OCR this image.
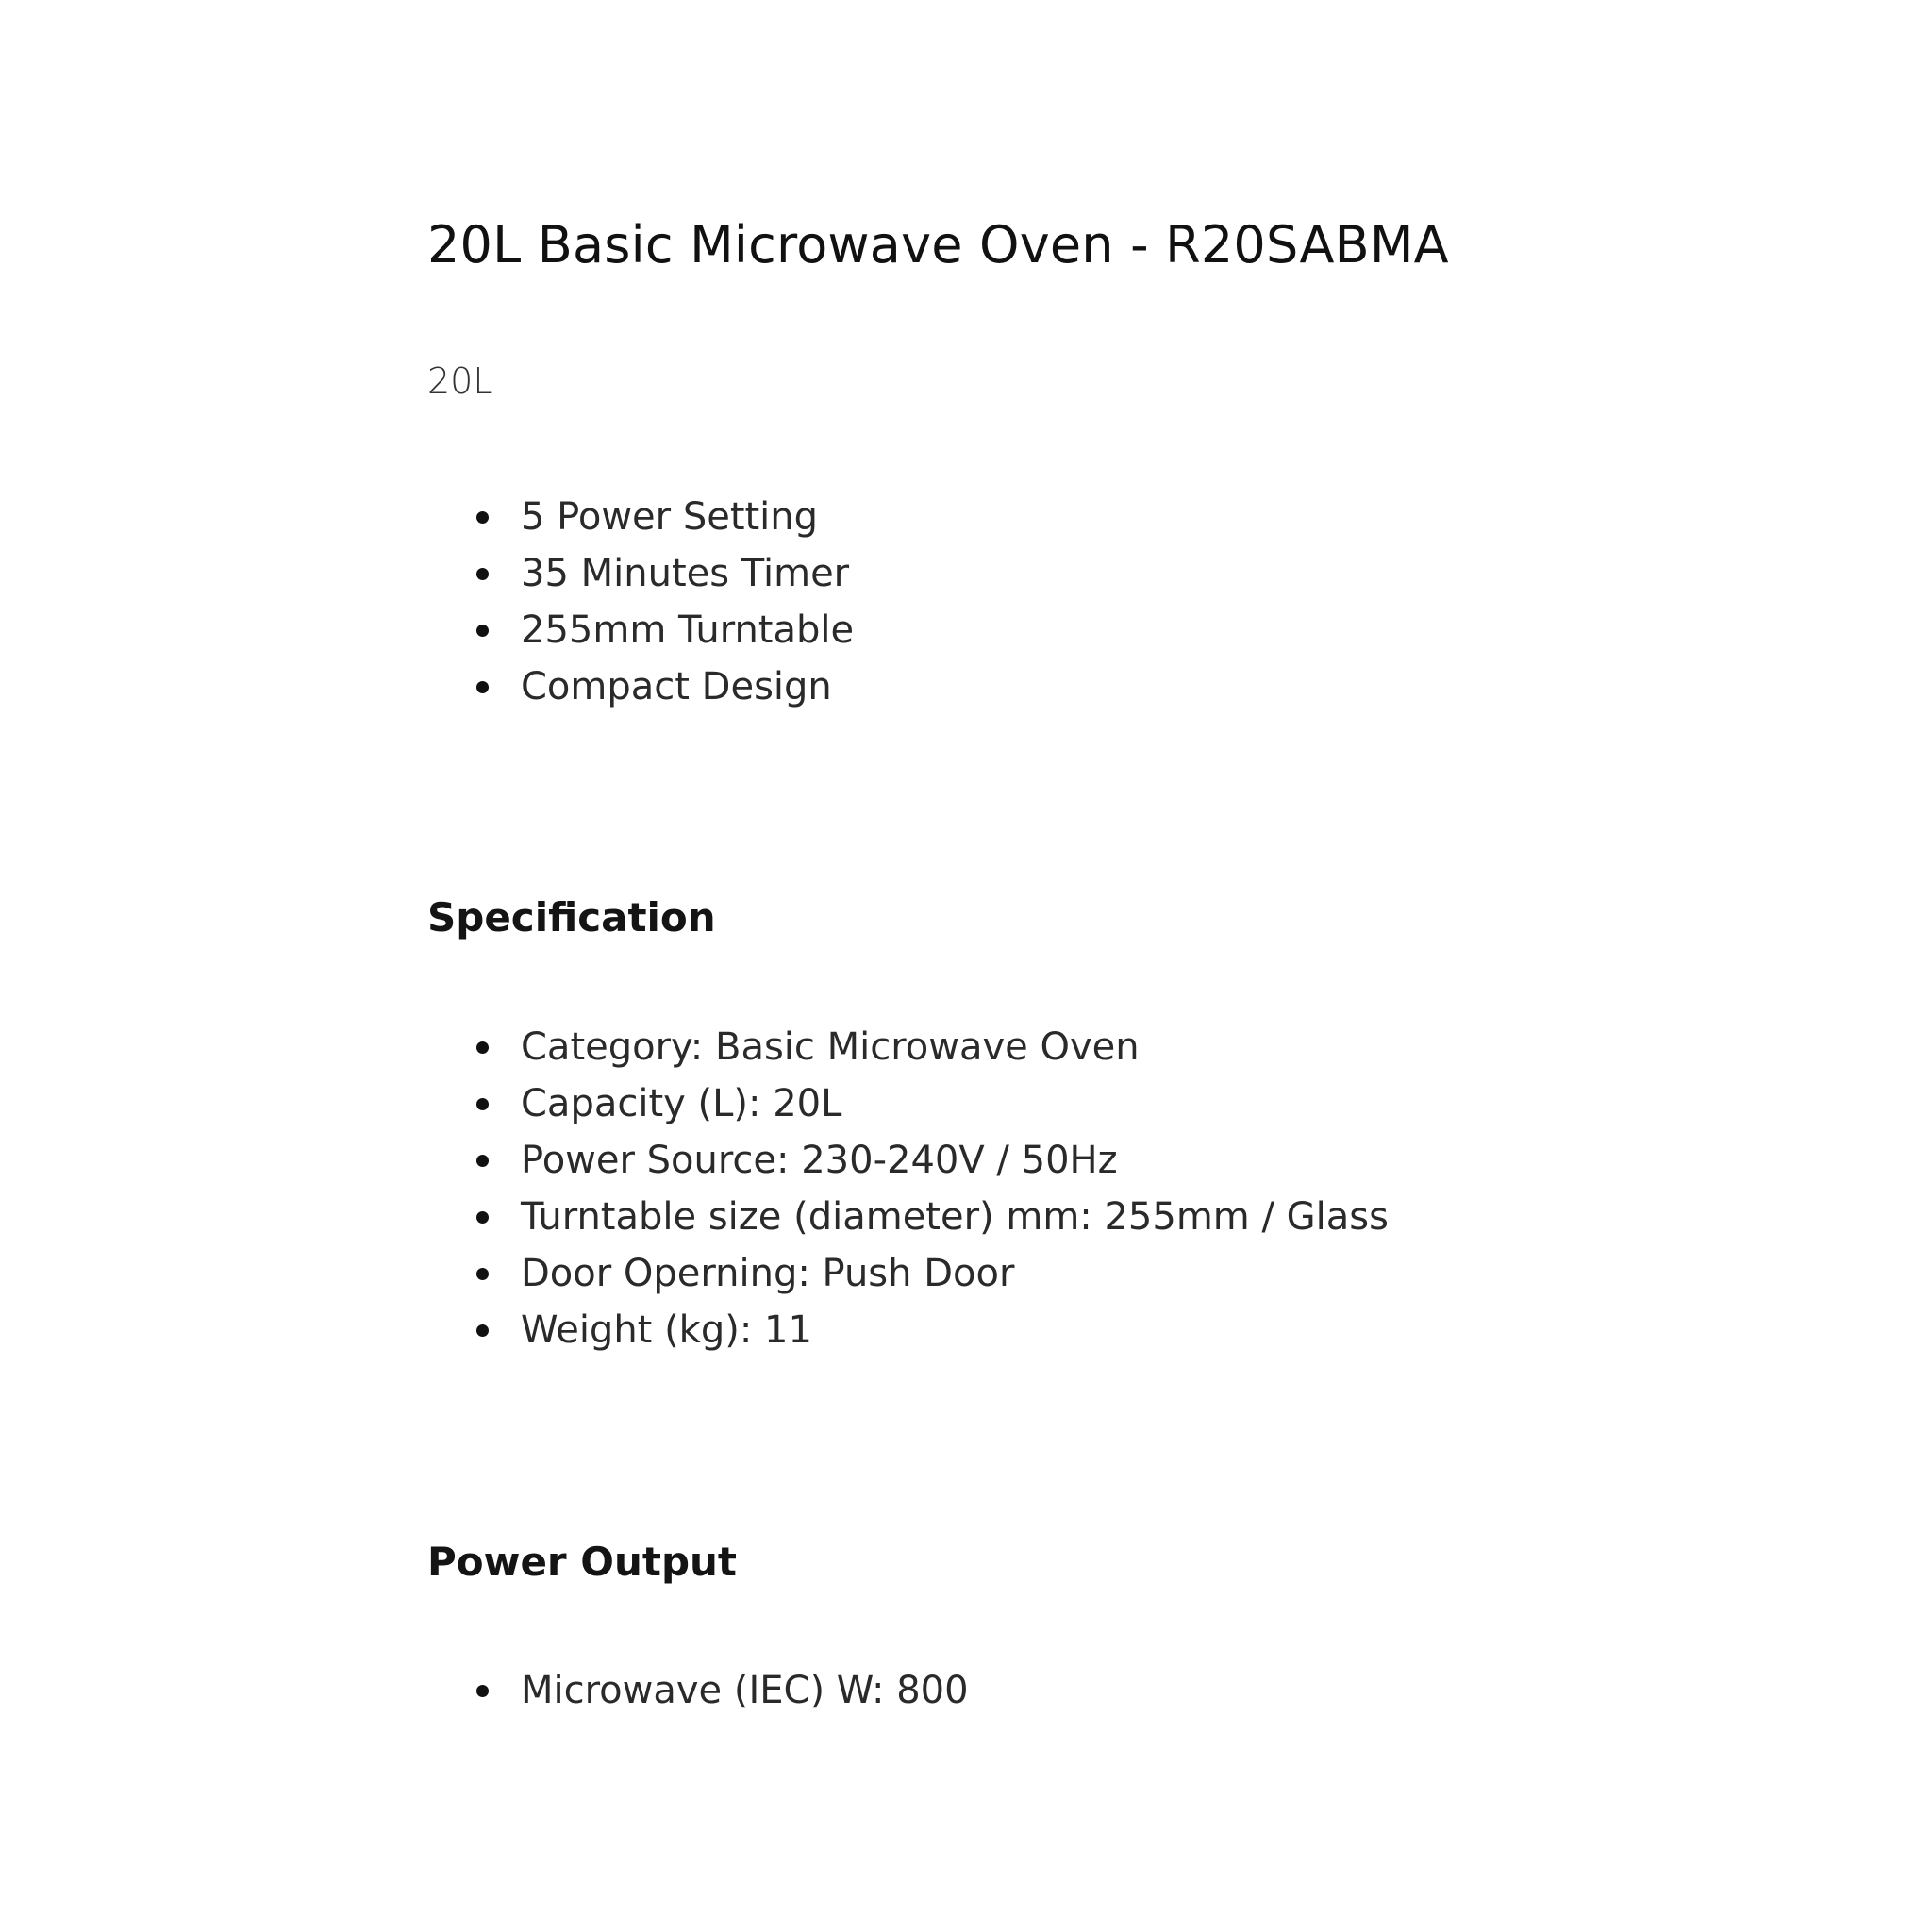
20L Basic Microwave Oven - R20SABMA

20L

5 Power Setting
35 Minutes Timer
255mm Turntable
Compact Design
Specification
Category: Basic Microwave Oven
Capacity (L): 20L
Power Source: 230-240V / 50Hz
Turntable size (diameter) mm: 255mm / Glass
Door Operning: Push Door
Weight (kg): 11
Power Output
Microwave (IEC) W: 800
